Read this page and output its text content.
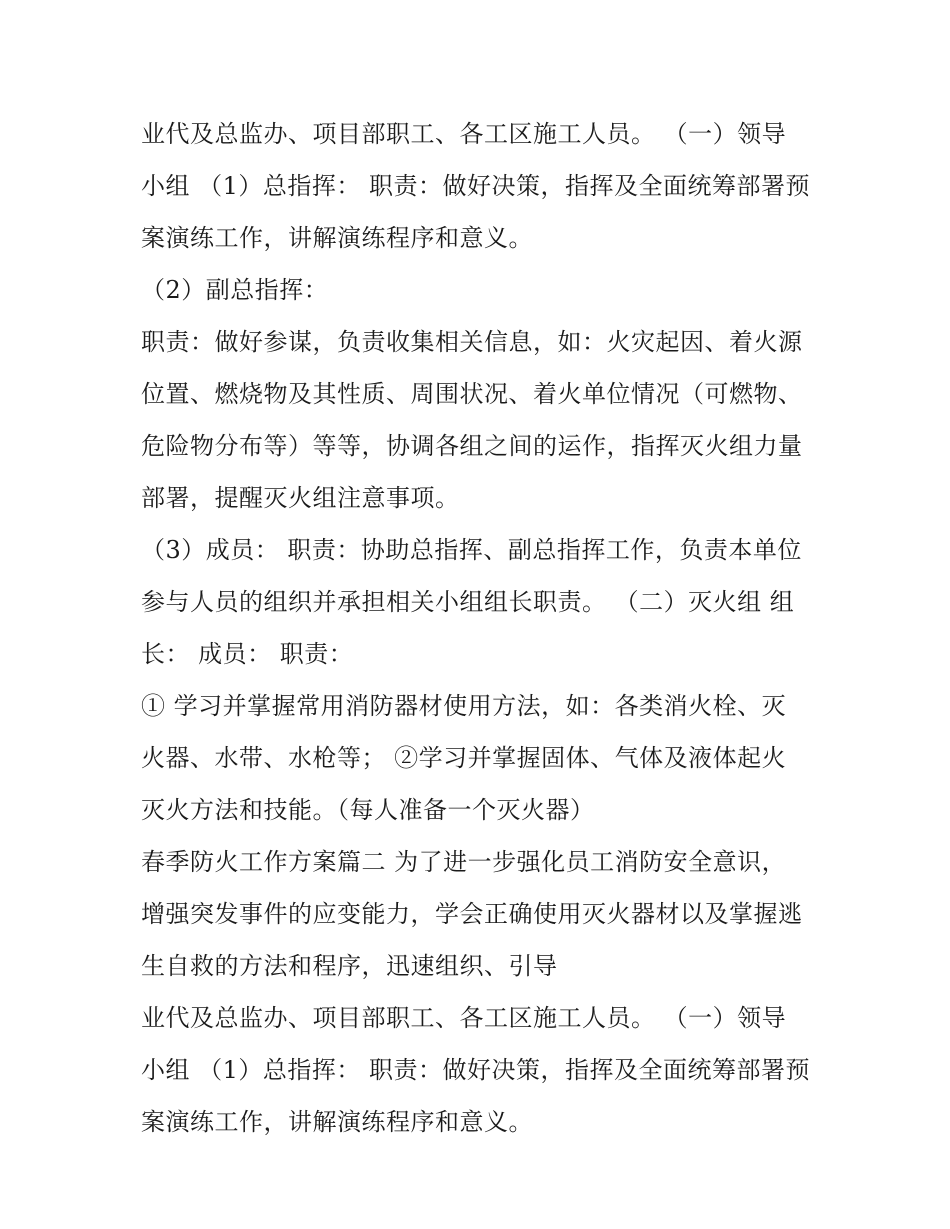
业代及总监办、项目部职工、各工区施工人员。 （一）领导
小组 （1）总指挥： 职责：做好决策，指挥及全面统筹部署预
案演练工作，讲解演练程序和意义。
（2）副总指挥：
职责：做好参谋，负责收集相关信息，如：火灾起因、着火源
位置、燃烧物及其性质、周围状况、着火单位情况（可燃物、
危险物分布等）等等，协调各组之间的运作，指挥灭火组力量
部署，提醒灭火组注意事项。
（3）成员： 职责：协助总指挥、副总指挥工作，负责本单位
参与人员的组织并承担相关小组组长职责。 （二）灭火组 组
长： 成员： 职责：
① 学习并掌握常用消防器材使用方法，如：各类消火栓、灭
火器、水带、水枪等； ②学习并掌握固体、气体及液体起火
灭火方法和技能。（每人准备一个灭火器）
春季防火工作方案篇二 为了进一步强化员工消防安全意识，
增强突发事件的应变能力，学会正确使用灭火器材以及掌握逃
生自救的方法和程序，迅速组织、引导
业代及总监办、项目部职工、各工区施工人员。 （一）领导
小组 （1）总指挥： 职责：做好决策，指挥及全面统筹部署预
案演练工作，讲解演练程序和意义。
